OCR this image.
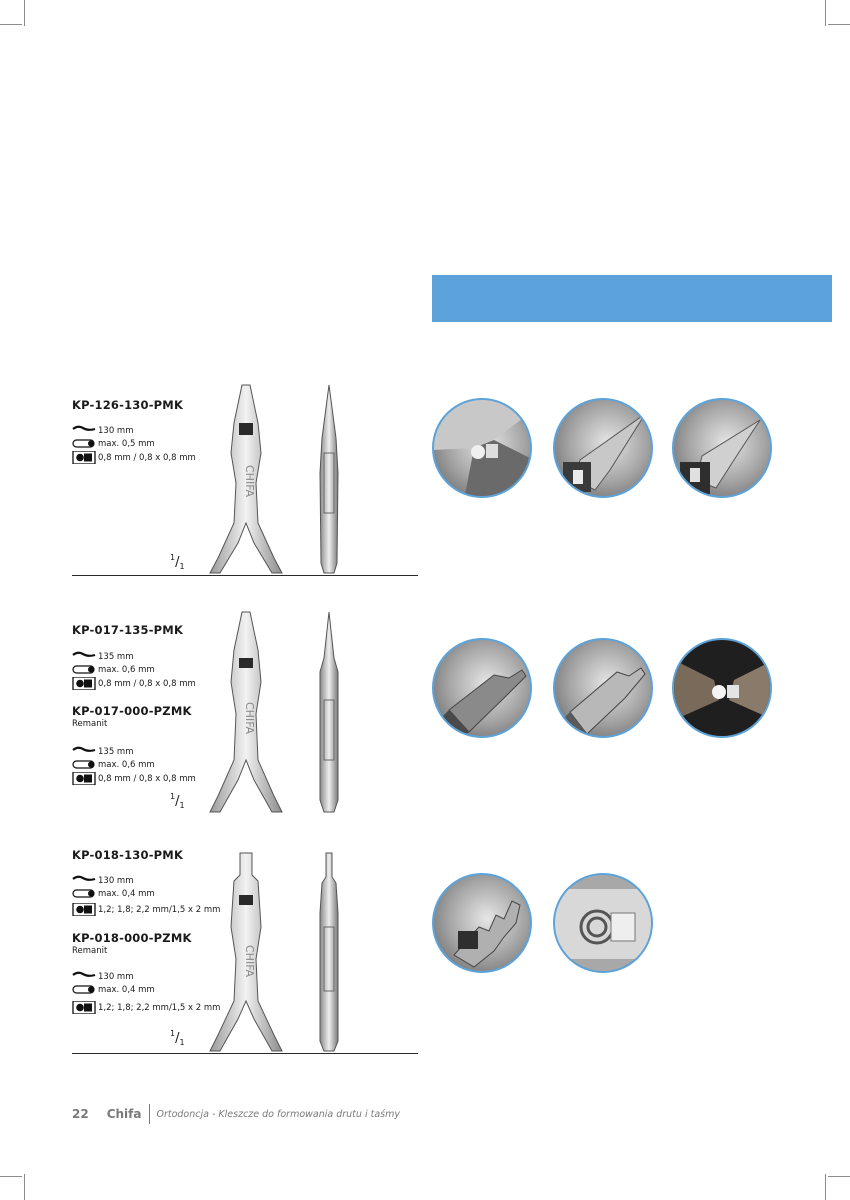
KP-126-130-PMK
130 mm
max. 0,5 mm
0,8 mm / 0,8 x 0,8 mm
$^1/_1$
CHIFA
KP-017-135-PMK
135 mm
max. 0,6 mm
0,8 mm / 0,8 x 0,8 mm
KP-017-000-PZMK
Remanit
135 mm
max. 0,6 mm
0,8 mm / 0,8 x 0,8 mm
$^1/_1$
CHIFA
KP-018-130-PMK
130 mm
max. 0,4 mm
1,2; 1,8; 2,2 mm/1,5 x 2 mm
KP-018-000-PZMK
Remanit
130 mm
max. 0,4 mm
1,2; 1,8; 2,2 mm/1,5 x 2 mm
$^1/_1$
CHIFA
22 Chifa Ortodoncja - Kleszcze do formowania drutu i taśmy
